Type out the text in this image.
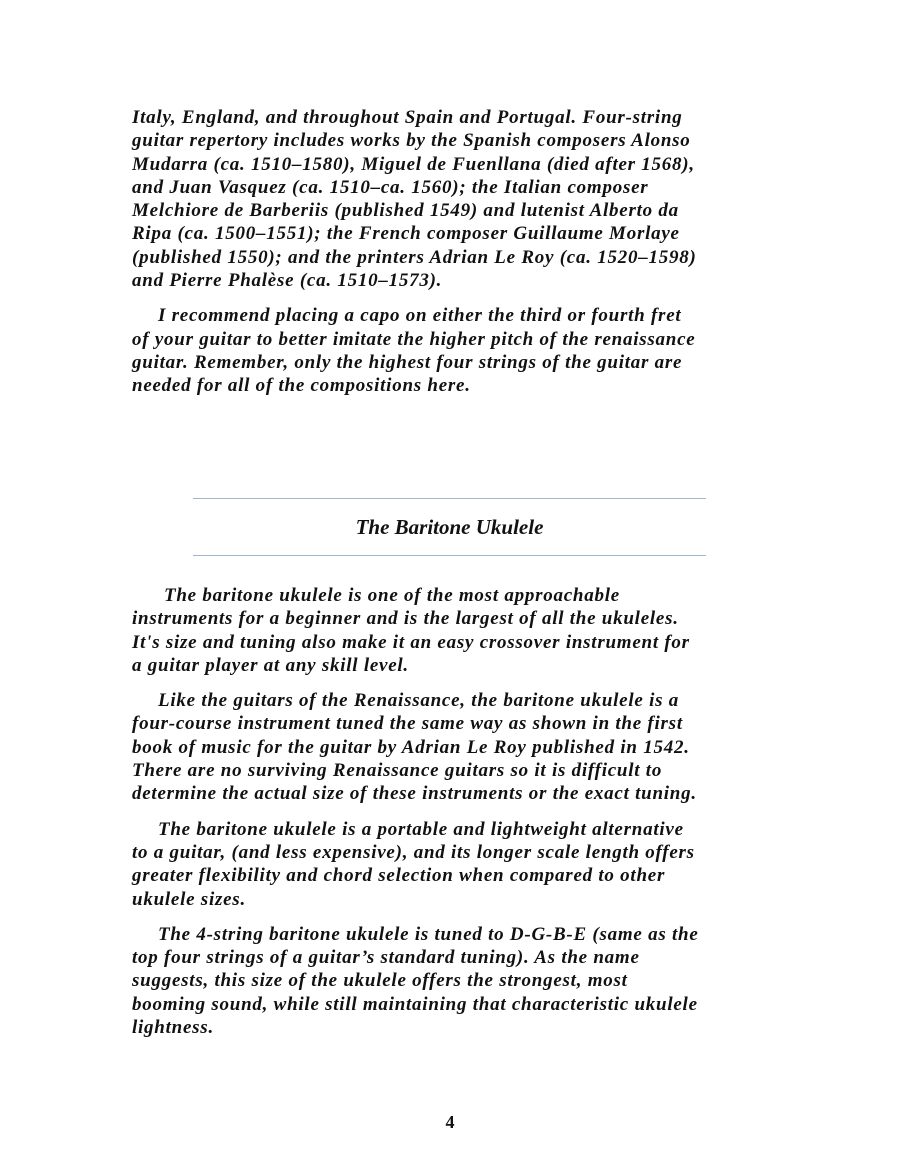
Italy, England, and throughout Spain and Portugal. Four-string
guitar repertory includes works by the Spanish composers Alonso
Mudarra (ca. 1510–1580), Miguel de Fuenllana (died after 1568),
and Juan Vasquez (ca. 1510–ca. 1560); the Italian composer
Melchiore de Barberiis (published 1549) and lutenist Alberto da
Ripa (ca. 1500–1551); the French composer Guillaume Morlaye
(published 1550); and the printers Adrian Le Roy (ca. 1520–1598)
and Pierre Phalèse (ca. 1510–1573).

I recommend placing a capo on either the third or fourth fret
of your guitar to better imitate the higher pitch of the renaissance
guitar. Remember, only the highest four strings of the guitar are
needed for all of the compositions here.

The Baritone Ukulele

The baritone ukulele is one of the most approachable
instruments for a beginner and is the largest of all the ukuleles.
It's size and tuning also make it an easy crossover instrument for
a guitar player at any skill level.

Like the guitars of the Renaissance, the baritone ukulele is a
four-course instrument tuned the same way as shown in the first
book of music for the guitar by Adrian Le Roy published in 1542.
There are no surviving Renaissance guitars so it is difficult to
determine the actual size of these instruments or the exact tuning.

The baritone ukulele is a portable and lightweight alternative
to a guitar, (and less expensive), and its longer scale length offers
greater flexibility and chord selection when compared to other
ukulele sizes.

The 4-string baritone ukulele is tuned to D-G-B-E (same as the
top four strings of a guitar’s standard tuning). As the name
suggests, this size of the ukulele offers the strongest, most
booming sound, while still maintaining that characteristic ukulele
lightness.

4
